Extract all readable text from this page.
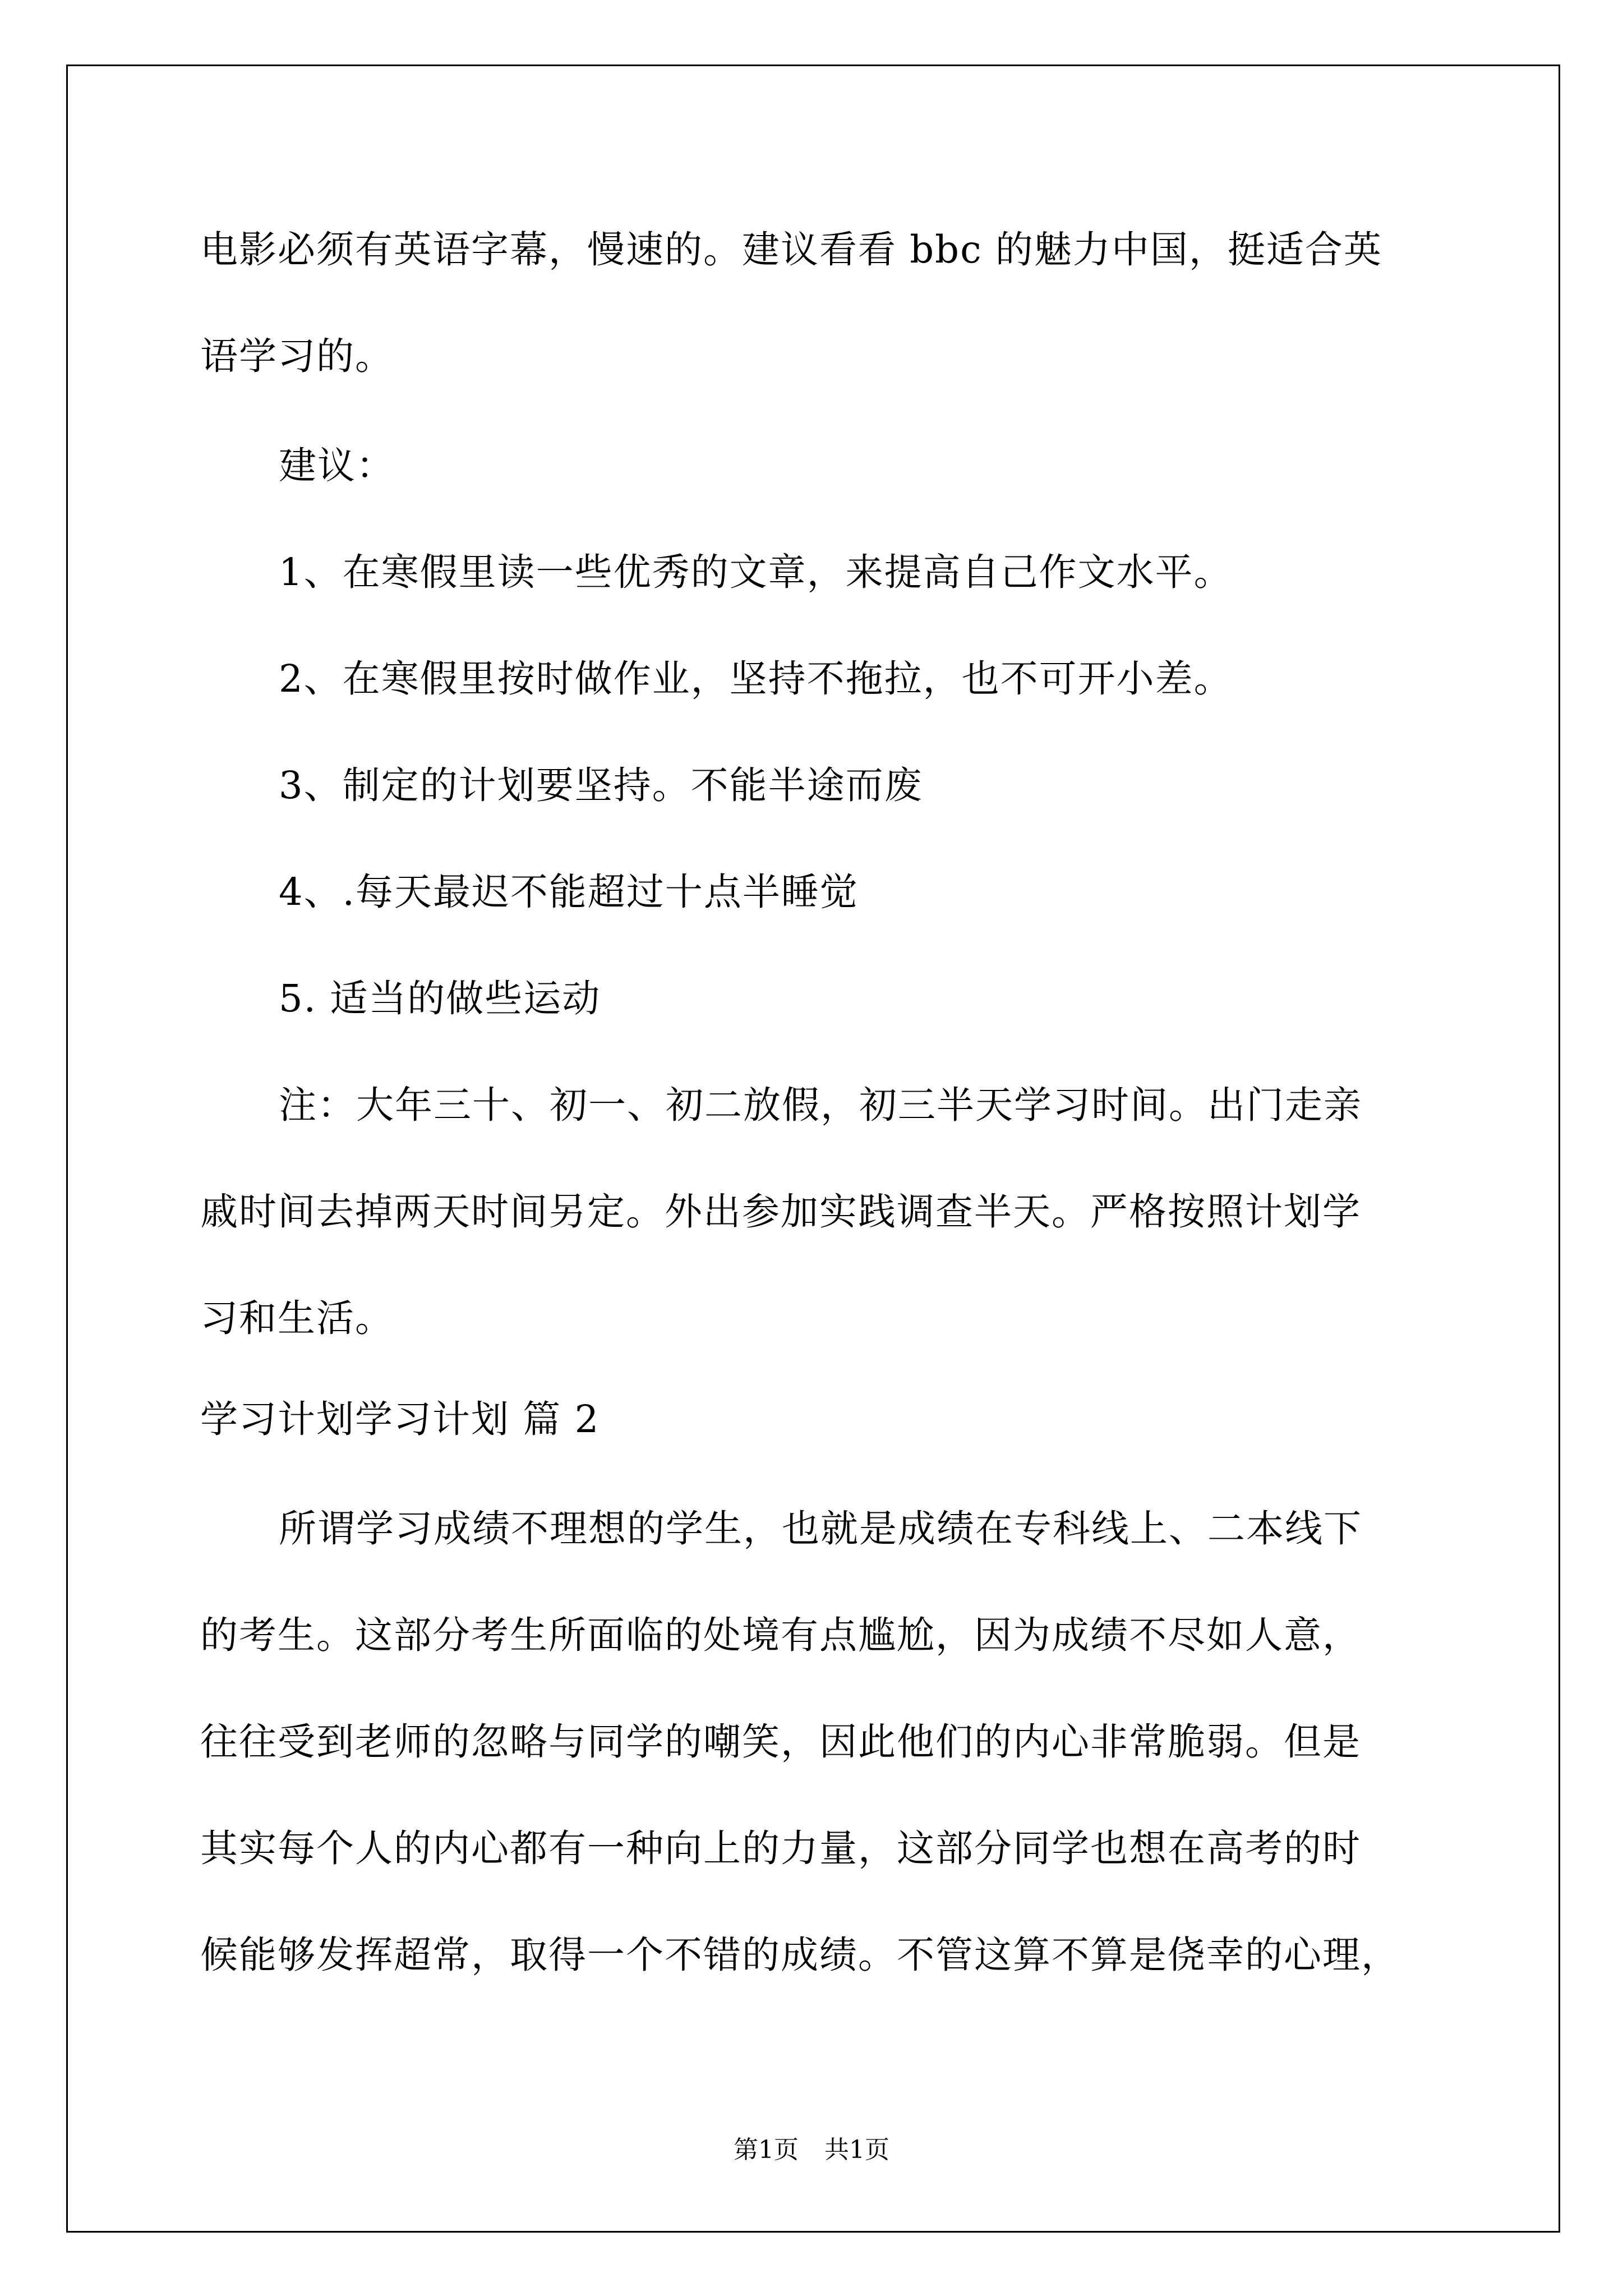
电影必须有英语字幕，慢速的。建议看看 bbc 的魅力中国，挺适合英
语学习的。
建议：
1、在寒假里读一些优秀的文章，来提高自己作文水平。
2、在寒假里按时做作业，坚持不拖拉，也不可开小差。
3、制定的计划要坚持。不能半途而废
4、.每天最迟不能超过十点半睡觉
5. 适当的做些运动
注：大年三十、初一、初二放假，初三半天学习时间。出门走亲
戚时间去掉两天时间另定。外出参加实践调查半天。严格按照计划学
习和生活。
学习计划学习计划 篇 2
所谓学习成绩不理想的学生，也就是成绩在专科线上、二本线下
的考生。这部分考生所面临的处境有点尴尬，因为成绩不尽如人意，
往往受到老师的忽略与同学的嘲笑，因此他们的内心非常脆弱。但是
其实每个人的内心都有一种向上的力量，这部分同学也想在高考的时
候能够发挥超常，取得一个不错的成绩。不管这算不算是侥幸的心理，
第1页 共1页
